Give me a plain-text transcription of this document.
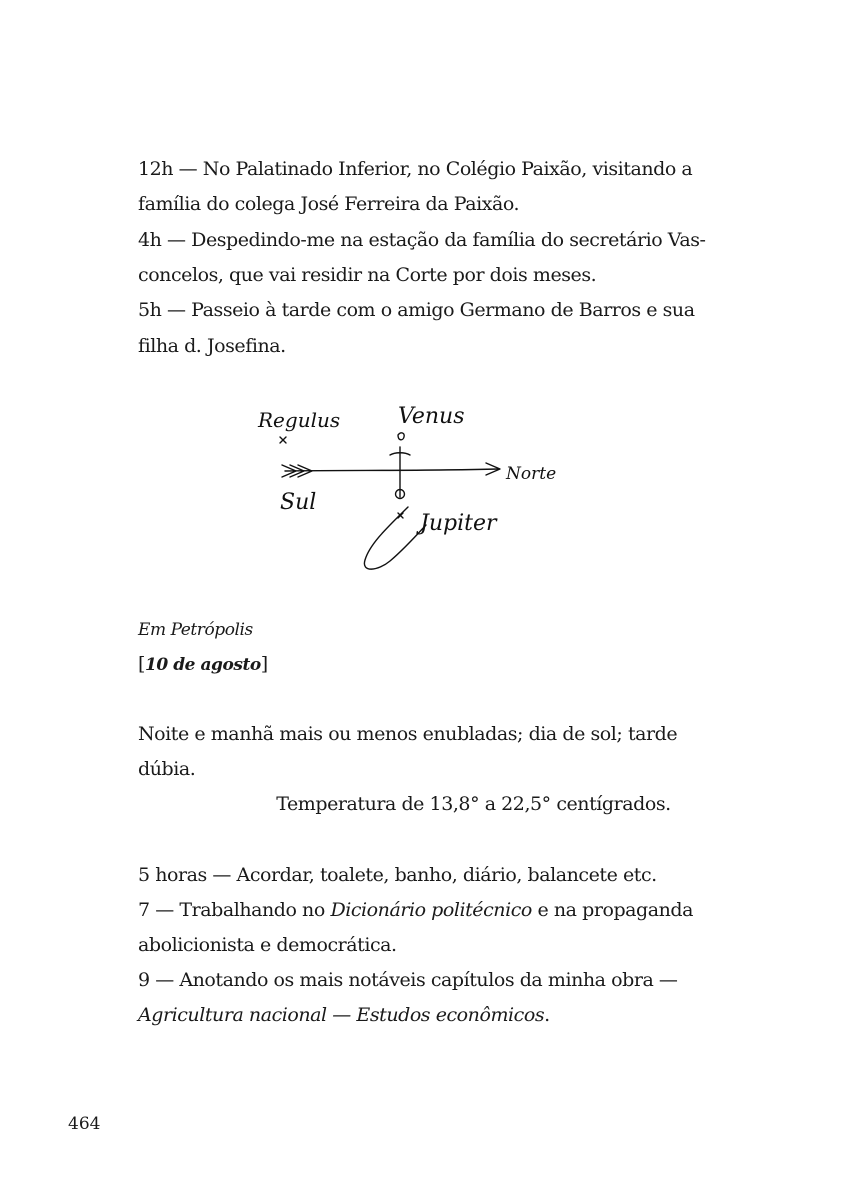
12h — No Palatinado Inferior, no Colégio Paixão, visitando a
família do colega José Ferreira da Paixão.
4h — Despedindo-me na estação da família do secretário Vas-
concelos, que vai residir na Corte por dois meses.
5h — Passeio à tarde com o amigo Germano de Barros e sua
filha d. Josefina.
Regulus	Venus
Norte
Sul
Jupiter
Em Petrópolis
[10 de agosto]
Noite e manhã mais ou menos enubladas; dia de sol; tarde
dúbia.
Temperatura de 13,8° a 22,5° centígrados.
5 horas — Acordar, toalete, banho, diário, balancete etc.
7 — Trabalhando no Dicionário politécnico e na propaganda
abolicionista e democrática.
9 — Anotando os mais notáveis capítulos da minha obra —
Agricultura nacional — Estudos econômicos.
464
